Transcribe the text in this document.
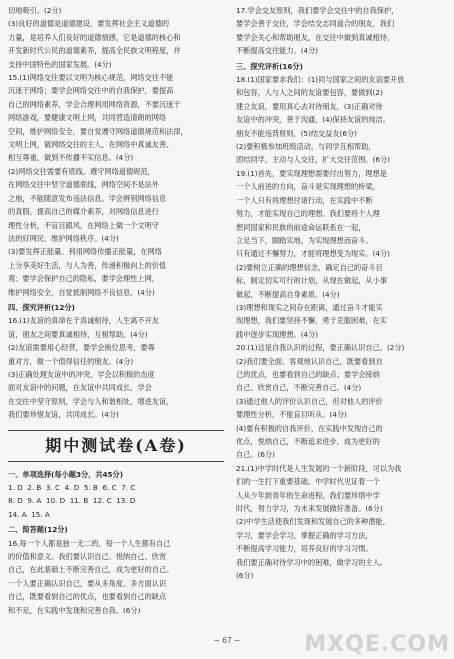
切地吸引。(2分)

(3)良好的道德是道德建设，要发挥社会主义道德的

力量，是培养人们良好的道德情感，它是道德的核心和

开发新时代公民的道德素养，提高全民族文明程度，并

支持中国特色的国家发展。(4分)

15.(1)网络交往要以文明为核心规范，网络交往不能

沉迷于网络；要学会网络交往中的自我保护，要提高

自己的网络素养，学会合理利用网络资源，不要沉迷于

网络游戏，要健康文明上网，共同营造清朗的网络

空间，维护网络安全，要自觉遵守网络道德规范和法律，

文明上网，做网络交往的主人，在网络中真诚友善、

相互尊重，做到不传播不实信息。(4分)

(2)网络交往需要有底线。遵守网络道德规范，

在网络交往中坚守道德底线，网络空间不是法外

之地，不能随意发布违法信息。学会辨别网络信息

的真假，提高自己的媒介素养，对网络信息进行

理性分析，不盲目跟风，在网络上做一个文明守

法的好网民，维护网络秩序。(4分)

(3)要发挥正能量。利用网络传播正能量，在网络

上分享美好生活，与人为善，传递积极向上的价值

观；要学会保护自己的隐私，要学会理性上网，

维护网络安全，自觉抵制网络不良信息。(4分)

四、探究评析(12分)

16.(1)友谊的真谛在于真诚相待，人生离不开友

谊，朋友之间要真诚相待，互相帮助。(4分)

(2)友谊需要用心经营，要学会换位思考，要尊

重对方，做一个值得信任的朋友。(4分)

(3)正确处理友谊中的冲突，学会以积极的态度

面对友谊中的问题，在友谊中共同成长，学会

在交往中坚守原则，学会与人和谐相处，增进友谊，

我们要珍惜友谊，共同成长。(4分)

期中测试卷(A卷)

一、单项选择(每小题3分，共45分)

1. D  2. B  3. C  4. D  5. B  6. C  7. C

8. D  9. A  10. D  11. B  12. C  13. D

14. A  15. A

二、简答题(12分)

16.每一个人都是独一无二的，每一个人生都有自己

的价值和意义。我们要认识自己、悦纳自己、欣赏

自己，在此基础上不断完善自己，成为更好的自己。

一个人要正确认识自己，要从多角度、多方面认识

自己，既要看到自己的优点，也要看到自己的缺点

和不足，在实践中发现和完善自我。(6分)

17.学会交友原则，我们要学会交往中的自我保护，

要学会善于交往，学会结交志同道合的朋友，我们

要学会关心和帮助朋友，在交往中做到真诚相待，

不断提高交往能力。(4分)

三、探究评析(16分)

18.(1)国家要求我们：(1)同与国家之间的友谊要开放

和包容，人与人之间的友谊要包容，要做到(2)

建立友谊，要用真心去对待朋友，(3)正确对待

友谊中的冲突，善于沟通，(4)保持友谊的纯洁。

朋友不能违背原则，(5)结交益友(6分)

(2)要积极参加班级活动，与同学互相帮助，

团结同学，主动与人交往，扩大交往范围。(6分)

19.(1)首先，要实现理想需要付出努力，理想是

一个人前进的方向，奋斗是实现理想的桥梁，

一个人只有将理想付诸行动，在实践中不断

努力，才能实现自己的理想。我们要将个人理

想同国家和民族的前途命运联系在一起，

立足当下，脚踏实地，为实现理想而奋斗。

只有通过不懈努力，才能将理想变为现实。(4分)

(2)要树立正确的理想信念，确定自己的奋斗目

标，制定切实可行的计划，从现在做起，从小事

做起，不断提高自身素质。(4分)

(3)理想和现实之间存在距离，通过奋斗才能实

现理想，我们要坚持不懈，勇于克服困难，在实

践中逐步实现理想。(4分)

20.(1)这是自我认识的过程，要正确认识自己。(2分)

(2)我们要全面、客观地认识自己，既要看到自

己的优点，也要看到自己的缺点；要学会接纳

自己、欣赏自己，不断完善自己。(4分)

(3)通过他人的评价认识自己，但对他人的评价

要理性分析，不能盲目听从。(4分)

(4)要有积极的自我评价，在实践中发现自己的

优点，悦纳自己，不断追求进步，成为更好的

自己。(6分)

21.(1)中学时代是人生发展的一个新阶段，可以为我

们的一生打下重要基础。中学时代见证着一个

人从少年到青年的生命进程，我们要珍惜中学

时代，努力学习，为未来发展做好准备。(6分)

(2)中学生活使我们发现和发展自己的多种潜能，

学习，要学会学习，掌握正确的学习方法，

不断提高学习能力，培养良好的学习习惯。

我们要正确对待学习中的困难，做学习的主人。

(6分)

~ 67 ~	MXQE.COM
